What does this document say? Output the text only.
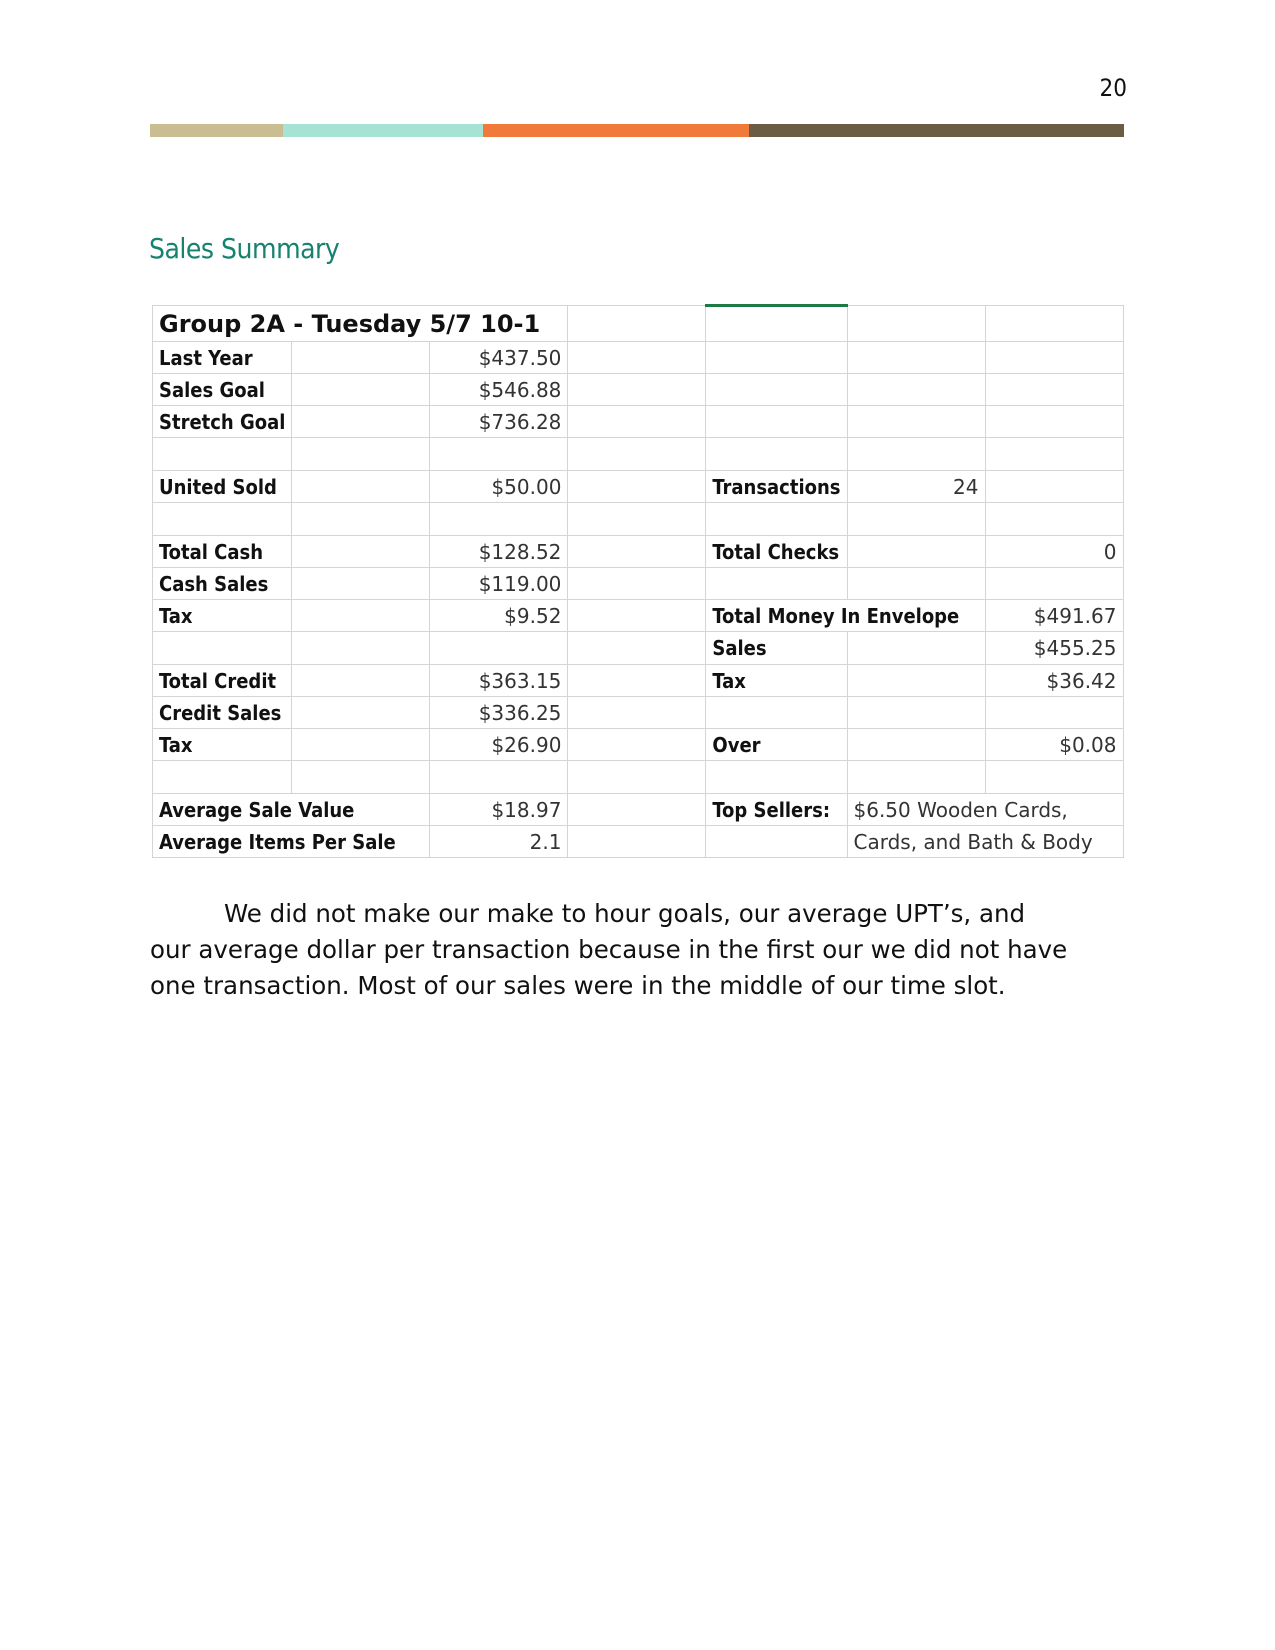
20
Sales Summary
Group 2A - Tuesday 5/7 10-1						
Last Year		$437.50				
Sales Goal		$546.88				
Stretch Goal		$736.28				

United Sold		$50.00		Transactions	24	

Total Cash		$128.52		Total Checks		0
Cash Sales		$119.00				
Tax		$9.52		Total Money In Envelope		$491.67
				Sales		$455.25
Total Credit		$363.15		Tax		$36.42
Credit Sales		$336.25				
Tax		$26.90		Over		$0.08

Average Sale Value		$18.97		Top Sellers:	$6.50 Wooden Cards,	
Average Items Per Sale		2.1			Cards, and Bath & Body	

We did not make our make to hour goals, our average UPT’s, and our average dollar per transaction because in the first our we did not have one transaction. Most of our sales were in the middle of our time slot.
